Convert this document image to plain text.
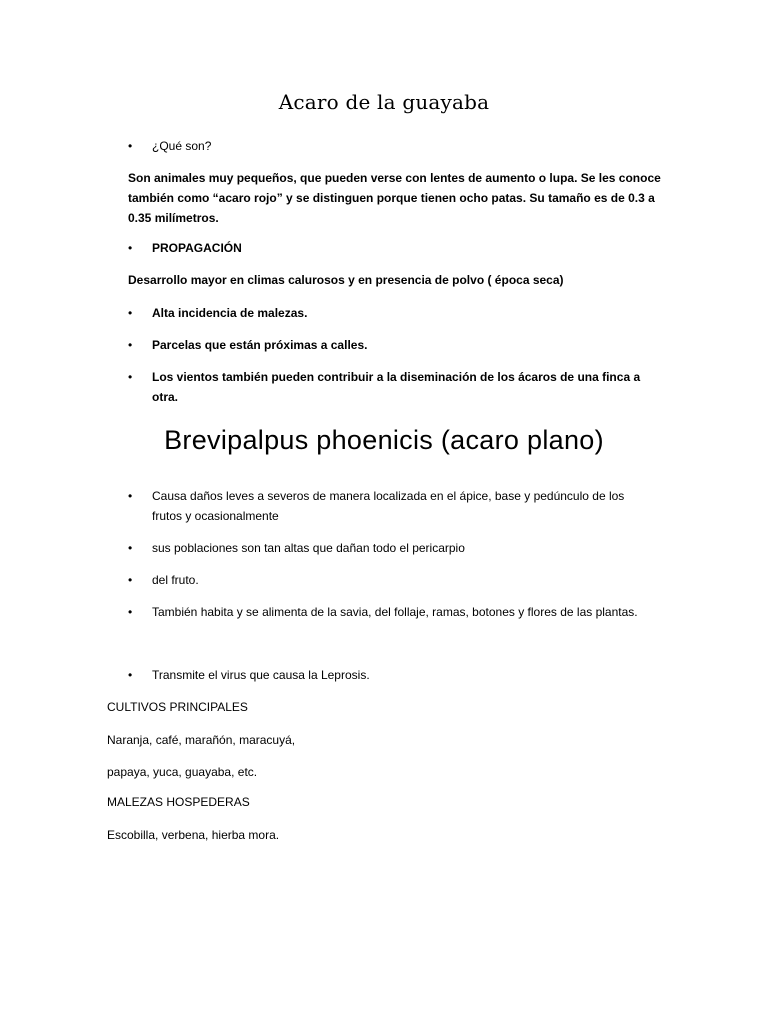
Acaro de la guayaba
• ¿Qué son?
Son animales muy pequeños, que pueden verse con lentes de aumento o lupa. Se les conoce
también como “acaro rojo” y se distinguen porque tienen ocho patas. Su tamaño es de 0.3 a
0.35 milímetros.
• PROPAGACIÓN
Desarrollo mayor en climas calurosos y en presencia de polvo ( época seca)
• Alta incidencia de malezas.
• Parcelas que están próximas a calles.
• Los vientos también pueden contribuir a la diseminación de los ácaros de una finca a
otra.
Brevipalpus phoenicis (acaro plano)
• Causa daños leves a severos de manera localizada en el ápice, base y pedúnculo de los
frutos y ocasionalmente
• sus poblaciones son tan altas que dañan todo el pericarpio
• del fruto.
• También habita y se alimenta de la savia, del follaje, ramas, botones y flores de las plantas.
• Transmite el virus que causa la Leprosis.
CULTIVOS PRINCIPALES
Naranja, café, marañón, maracuyá,
papaya, yuca, guayaba, etc.
MALEZAS HOSPEDERAS
Escobilla, verbena, hierba mora.
